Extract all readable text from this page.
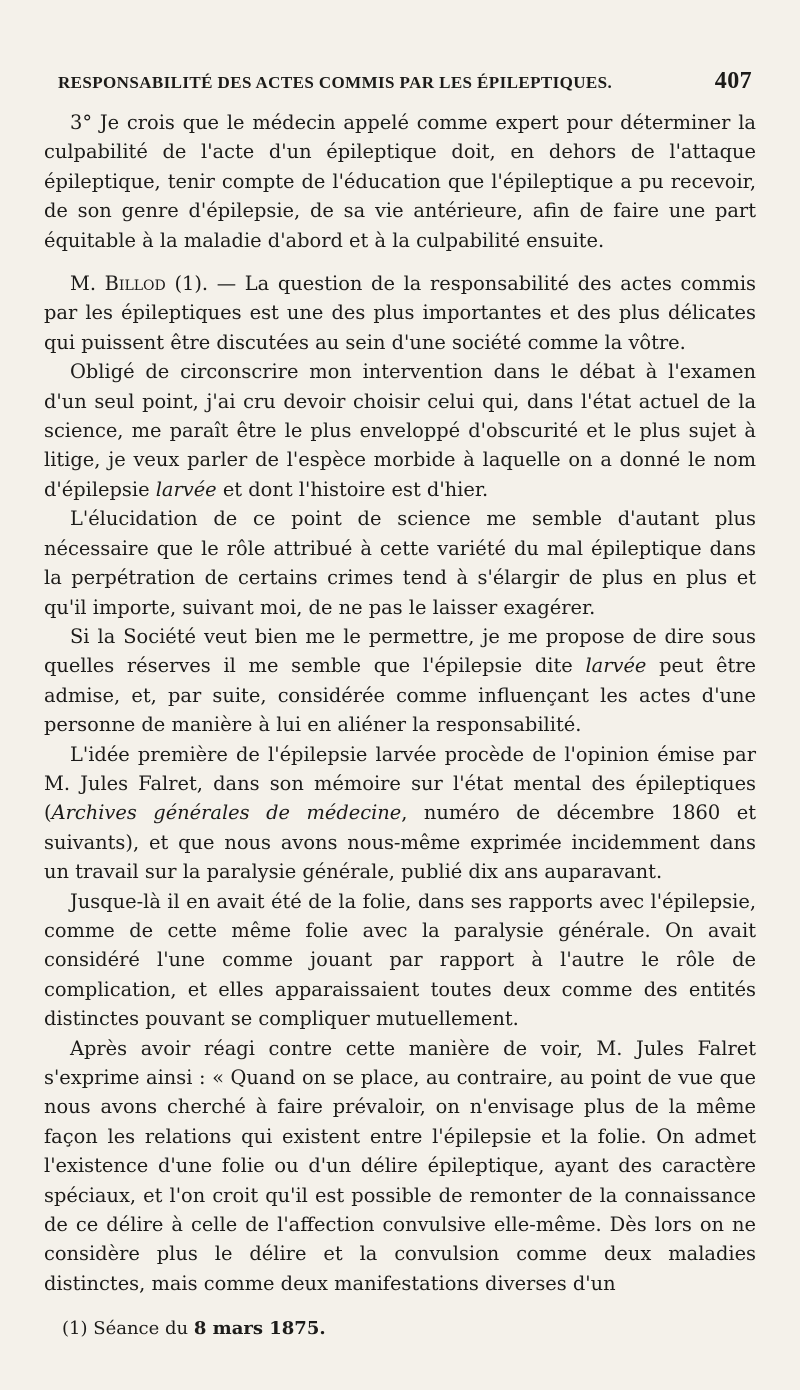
RESPONSABILITÉ DES ACTES COMMIS PAR LES ÉPILEPTIQUES.	407

3° Je crois que le médecin appelé comme expert pour déterminer la culpabilité de l'acte d'un épileptique doit, en dehors de l'attaque épileptique, tenir compte de l'éducation que l'épileptique a pu recevoir, de son genre d'épilepsie, de sa vie antérieure, afin de faire une part équitable à la maladie d'abord et à la culpabilité ensuite.

M. Billod (1). — La question de la responsabilité des actes commis par les épileptiques est une des plus importantes et des plus délicates qui puissent être discutées au sein d'une société comme la vôtre.

Obligé de circonscrire mon intervention dans le débat à l'examen d'un seul point, j'ai cru devoir choisir celui qui, dans l'état actuel de la science, me paraît être le plus enveloppé d'obscurité et le plus sujet à litige, je veux parler de l'espèce morbide à laquelle on a donné le nom d'épilepsie larvée et dont l'histoire est d'hier.

L'élucidation de ce point de science me semble d'autant plus nécessaire que le rôle attribué à cette variété du mal épileptique dans la perpétration de certains crimes tend à s'élargir de plus en plus et qu'il importe, suivant moi, de ne pas le laisser exagérer.

Si la Société veut bien me le permettre, je me propose de dire sous quelles réserves il me semble que l'épilepsie dite larvée peut être admise, et, par suite, considérée comme influençant les actes d'une personne de manière à lui en aliéner la responsabilité.

L'idée première de l'épilepsie larvée procède de l'opinion émise par M. Jules Falret, dans son mémoire sur l'état mental des épileptiques (Archives générales de médecine, numéro de décembre 1860 et suivants), et que nous avons nous-même exprimée incidemment dans un travail sur la paralysie générale, publié dix ans auparavant.

Jusque-là il en avait été de la folie, dans ses rapports avec l'épilepsie, comme de cette même folie avec la paralysie générale. On avait considéré l'une comme jouant par rapport à l'autre le rôle de complication, et elles apparaissaient toutes deux comme des entités distinctes pouvant se compliquer mutuellement.

Après avoir réagi contre cette manière de voir, M. Jules Falret s'exprime ainsi : « Quand on se place, au contraire, au point de vue que nous avons cherché à faire prévaloir, on n'envisage plus de la même façon les relations qui existent entre l'épilepsie et la folie. On admet l'existence d'une folie ou d'un délire épileptique, ayant des caractère spéciaux, et l'on croit qu'il est possible de remonter de la connaissance de ce délire à celle de l'affection convulsive elle-même. Dès lors on ne considère plus le délire et la convulsion comme deux maladies distinctes, mais comme deux manifestations diverses d'un

(1) Séance du 8 mars 1875.
